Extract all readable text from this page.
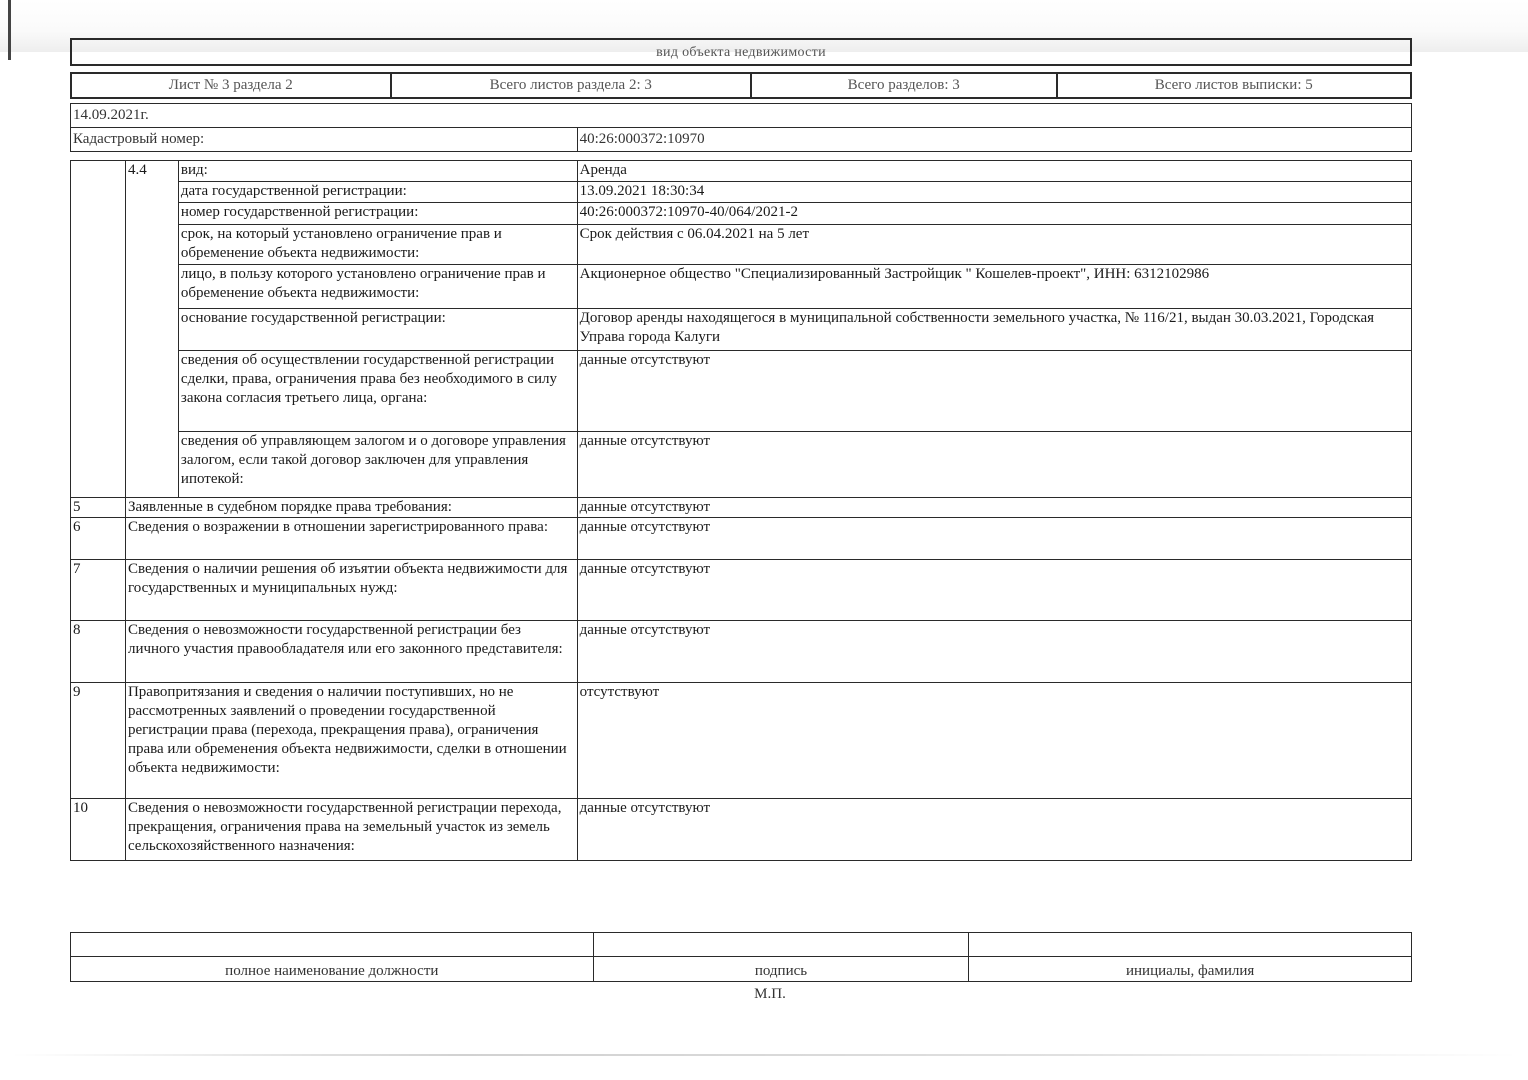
вид объекта недвижимости
Лист № 3 раздела 2	Всего листов раздела 2: 3	Всего разделов: 3	Всего листов выписки: 5
14.09.2021г.
Кадастровый номер:	40:26:000372:10970
	4.4	вид:	Аренда
		дата государственной регистрации:	13.09.2021 18:30:34
		номер государственной регистрации:	40:26:000372:10970-40/064/2021-2
		срок, на который установлено ограничение прав и обременение объекта недвижимости:	Срок действия с 06.04.2021 на 5 лет
		лицо, в пользу которого установлено ограничение прав и обременение объекта недвижимости:	Акционерное общество "Специализированный Застройщик " Кошелев-проект", ИНН: 6312102986
		основание государственной регистрации:	Договор аренды находящегося в муниципальной собственности земельного участка, № 116/21, выдан 30.03.2021, Городская Управа города Калуги
		сведения об осуществлении государственной регистрации сделки, права, ограничения права без необходимого в силу закона согласия третьего лица, органа:	данные отсутствуют
		сведения об управляющем залогом и о договоре управления залогом, если такой договор заключен для управления ипотекой:	данные отсутствуют
5	Заявленные в судебном порядке права требования:		данные отсутствуют
6	Сведения о возражении в отношении зарегистрированного права:		данные отсутствуют
7	Сведения о наличии решения об изъятии объекта недвижимости для государственных и муниципальных нужд:		данные отсутствуют
8	Сведения о невозможности государственной регистрации без личного участия правообладателя или его законного представителя:		данные отсутствуют
9	Правопритязания и сведения о наличии поступивших, но не рассмотренных заявлений о проведении государственной регистрации права (перехода, прекращения права), ограничения права или обременения объекта недвижимости, сделки в отношении объекта недвижимости:		отсутствуют
10	Сведения о невозможности государственной регистрации перехода, прекращения, ограничения права на земельный участок из земель сельскохозяйственного назначения:		данные отсутствуют

полное наименование должности	подпись	инициалы, фамилия
М.П.
